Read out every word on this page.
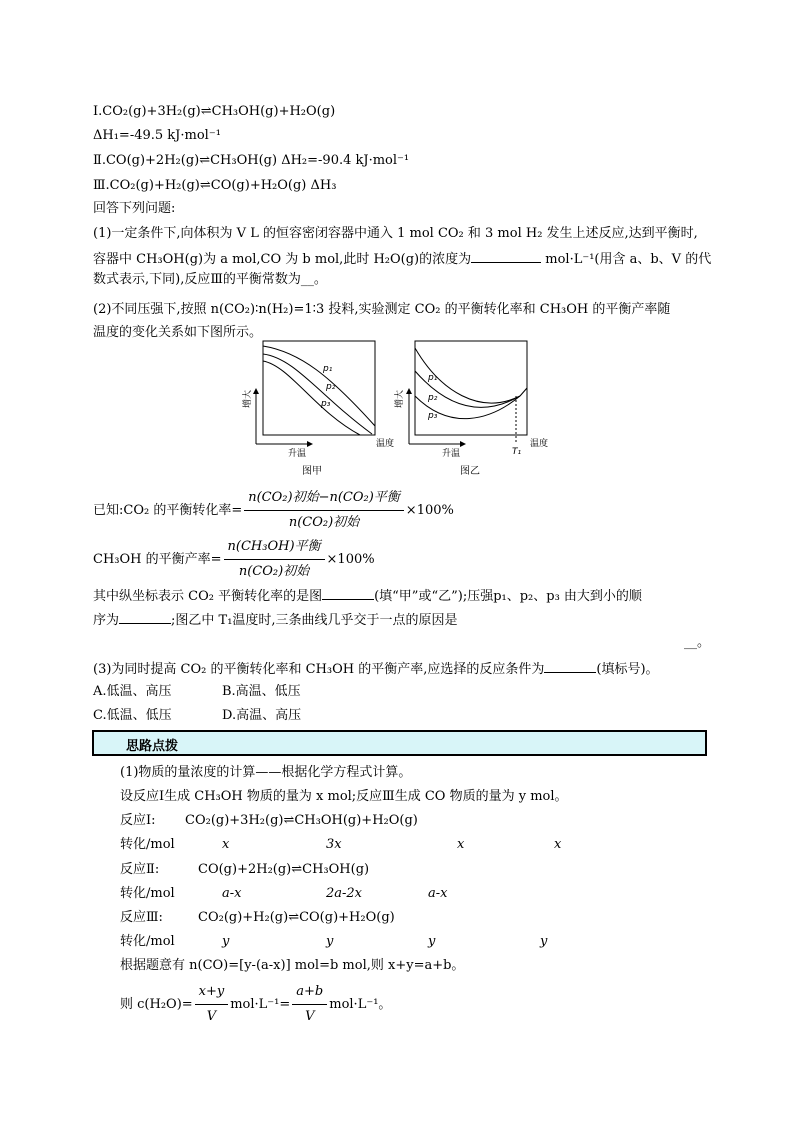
Ⅰ.CO₂(g)+3H₂(g)⇌CH₃OH(g)+H₂O(g)
ΔH₁=-49.5 kJ·mol⁻¹
Ⅱ.CO(g)+2H₂(g)⇌CH₃OH(g) ΔH₂=-90.4 kJ·mol⁻¹
Ⅲ.CO₂(g)+H₂(g)⇌CO(g)+H₂O(g) ΔH₃
回答下列问题:
(1)一定条件下,向体积为 V L 的恒容密闭容器中通入 1 mol CO₂ 和 3 mol H₂ 发生上述反应,达到平衡时,
容器中 CH₃OH(g)为 a mol,CO 为 b mol,此时 H₂O(g)的浓度为	mol·L⁻¹(用含 a、b、V 的代
数式表示,下同),反应Ⅲ的平衡常数为__。
(2)不同压强下,按照 n(CO₂)∶n(H₂)=1∶3 投料,实验测定 CO₂ 的平衡转化率和 CH₃OH 的平衡产率随
温度的变化关系如下图所示。
增大
升温
温度
p₁
p₂
p₃
图甲
增大
升温
温度
p₁
p₂
p₃
T₁
图乙
已知:CO₂ 的平衡转化率= $\frac{\text{n(CO₂)初始−n(CO₂)平衡}}{\text{n(CO₂)初始}} \times 100\%$
CH₃OH 的平衡产率= $\frac{\text{n(CH₃OH)平衡}}{\text{n(CO₂)初始}} \times 100\%$
其中纵坐标表示 CO₂ 平衡转化率的是图	(填“甲”或“乙”);压强p₁、p₂、p₃ 由大到小的顺
序为	;图乙中 T₁温度时,三条曲线几乎交于一点的原因是
__。
(3)为同时提高 CO₂ 的平衡转化率和 CH₃OH 的平衡产率,应选择的反应条件为	(填标号)。
A.低温、高压	B.高温、低压
C.低温、低压	D.高温、高压
思路点拨
(1)物质的量浓度的计算——根据化学方程式计算。
设反应Ⅰ生成 CH₃OH 物质的量为 x mol;反应Ⅲ生成 CO 物质的量为 y mol。
反应Ⅰ: CO₂(g)+3H₂(g)⇌CH₃OH(g)+H₂O(g)
转化/mol	x	3x	x	x
反应Ⅱ:	CO(g)+2H₂(g)⇌CH₃OH(g)
转化/mol	a-x	2a-2x	a-x
反应Ⅲ:	CO₂(g)+H₂(g)⇌CO(g)+H₂O(g)
转化/mol	y	y	y	y
根据题意有 n(CO)=[y-(a-x)] mol=b mol,则 x+y=a+b。
则 $c(H_2O)= \frac{x+y}{V} mol\cdot L^{-1}= \frac{a+b}{V} mol\cdot L^{-1}$。
